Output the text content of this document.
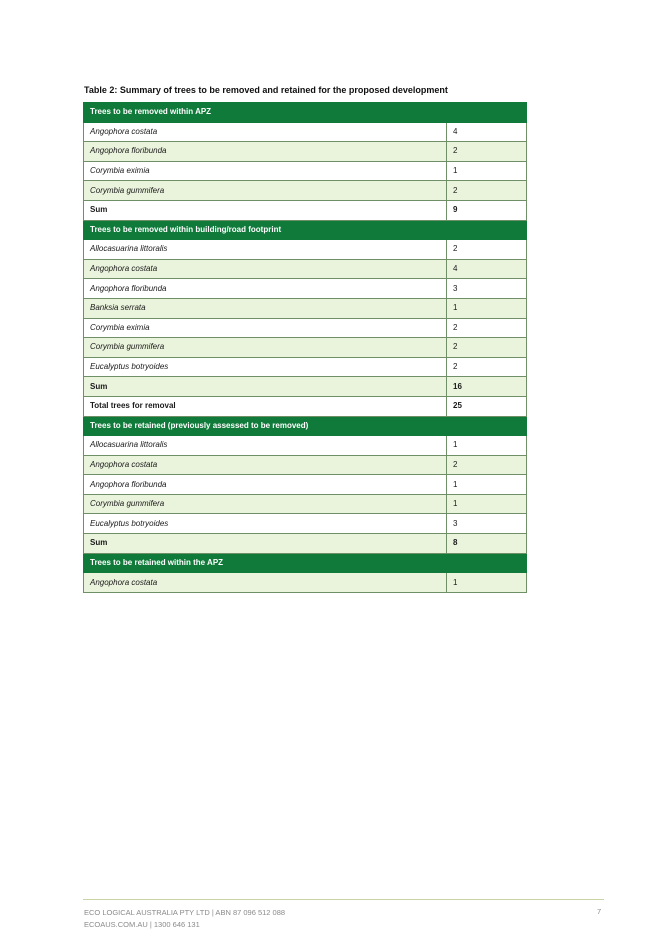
Table 2: Summary of trees to be removed and retained for the proposed development
Trees to be removed within APZ	
Angophora costata	4
Angophora floribunda	2
Corymbia eximia	1
Corymbia gummifera	2
Sum	9
Trees to be removed within building/road footprint	
Allocasuarina littoralis	2
Angophora costata	4
Angophora floribunda	3
Banksia serrata	1
Corymbia eximia	2
Corymbia gummifera	2
Eucalyptus botryoides	2
Sum	16
Total trees for removal	25
Trees to be retained (previously assessed to be removed)	
Allocasuarina littoralis	1
Angophora costata	2
Angophora floribunda	1
Corymbia gummifera	1
Eucalyptus botryoides	3
Sum	8
Trees to be retained within the APZ	
Angophora costata	1
ECO LOGICAL AUSTRALIA PTY LTD | ABN 87 096 512 088
ECOAUS.COM.AU | 1300 646 131
7
